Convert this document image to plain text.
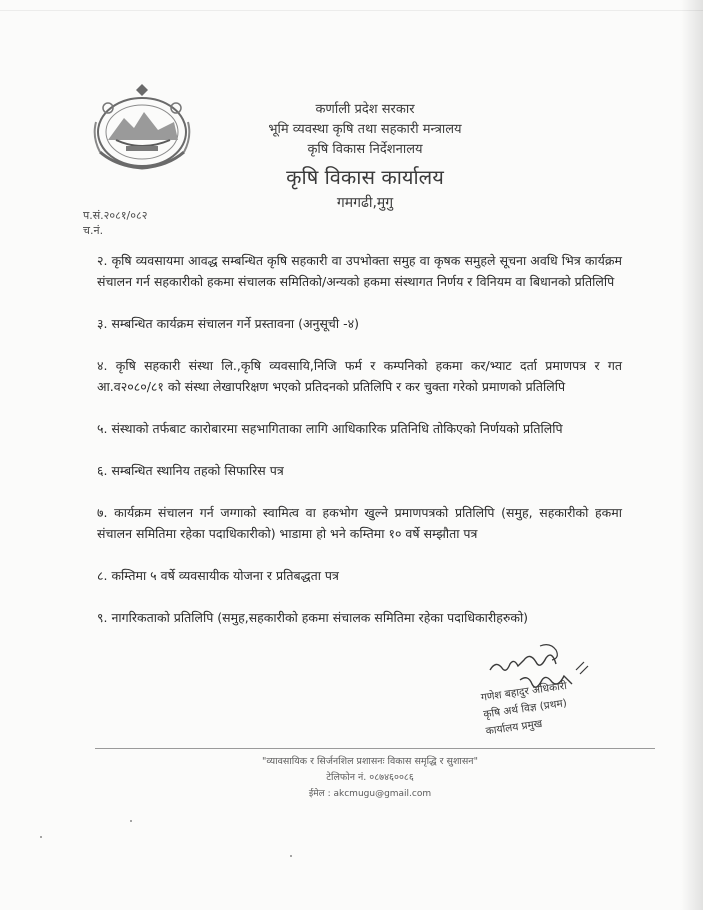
कर्णाली प्रदेश सरकार
भूमि व्यवस्था कृषि तथा सहकारी मन्त्रालय
कृषि विकास निर्देशनालय
कृषि विकास कार्यालय
गमगढी,मुगु
प.सं.२०८१/०८२
च.नं.
२. कृषि व्यवसायमा आवद्ध सम्बन्धित कृषि सहकारी वा उपभोक्ता समुह वा कृषक समुहले सूचना अवधि भित्र कार्यक्रम संचालन गर्न सहकारीको हकमा संचालक समितिको/अन्यको हकमा संस्थागत निर्णय र विनियम वा बिधानको प्रतिलिपि
३. सम्बन्धित कार्यक्रम संचालन गर्ने प्रस्तावना (अनुसूची -४)
४. कृषि सहकारी संस्था लि.,कृषि व्यवसायि,निजि फर्म र कम्पनिको हकमा कर/भ्याट दर्ता प्रमाणपत्र र गत आ.व२०८०/८१ को संस्था लेखापरिक्षण भएको प्रतिदनको प्रतिलिपि र कर चुक्ता गरेको प्रमाणको प्रतिलिपि
५. संस्थाको तर्फबाट कारोबारमा सहभागिताका लागि आधिकारिक प्रतिनिधि तोकिएको निर्णयको प्रतिलिपि
६. सम्बन्धित स्थानिय तहको सिफारिस पत्र
७. कार्यक्रम संचालन गर्न जग्गाको स्वामित्व वा हकभोग खुल्ने प्रमाणपत्रको प्रतिलिपि (समुह, सहकारीको हकमा संचालन समितिमा रहेका पदाधिकारीको) भाडामा हो भने कम्तिमा १० वर्षे सम्झौता पत्र
८. कम्तिमा ५ वर्षे व्यवसायीक योजना र प्रतिबद्धता पत्र
९. नागरिकताको प्रतिलिपि (समुह,सहकारीको हकमा संचालक समितिमा रहेका पदाधिकारीहरुको)
गणेश बहादुर अधिकारी
कृषि अर्थ विज्ञ (प्रथम)
कार्यालय प्रमुख
"व्यावसायिक र सिर्जनशिल प्रशासनः विकास समृद्धि र सुशासन"
टेलिफोन नं. ०८७४६००८६
ईमेल : akcmugu@gmail.com
